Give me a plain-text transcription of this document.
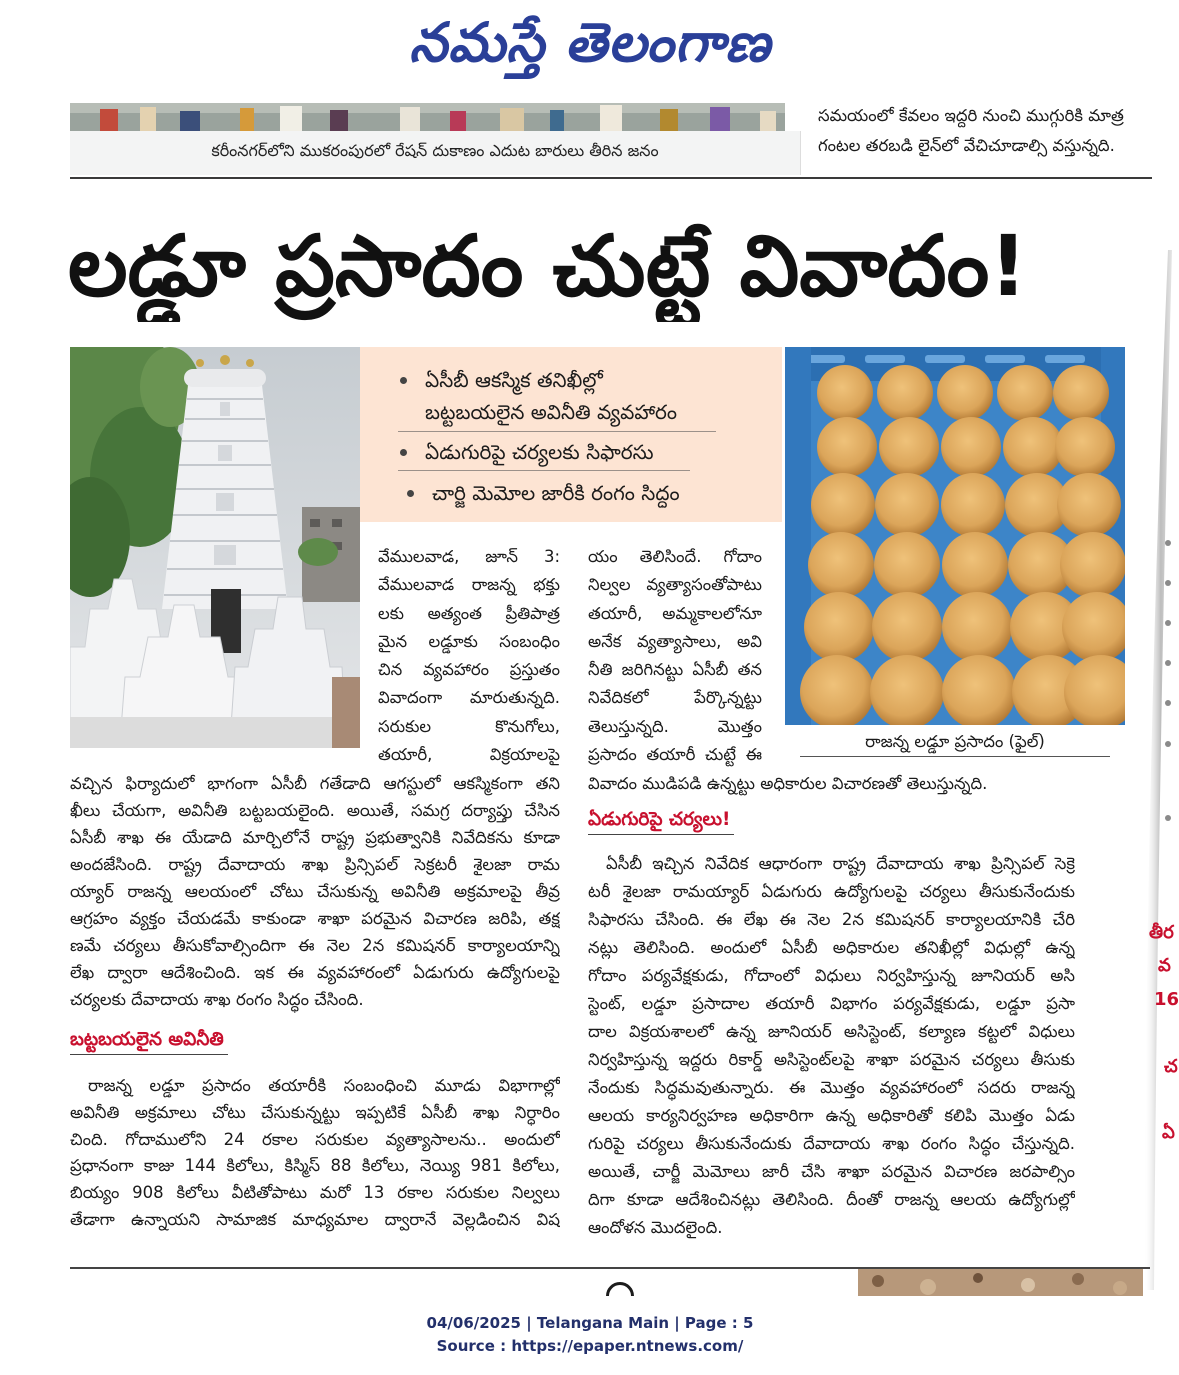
నమస్తే తెలంగాణ
కరీంనగర్‌లోని ముకరంపురలో రేషన్ దుకాణం ఎదుట బారులు తీరిన జనం
సమయంలో కేవలం ఇద్దరి నుంచి ముగ్గురికి మాత్ర
గంటల తరబడి లైన్‌లో వేచిచూడాల్సి వస్తున్నది.
లడ్డూ ప్రసాదం చుట్టే వివాదం!
ఏసీబీ ఆకస్మిక తనిఖీల్లో
బట్టబయలైన అవినీతి వ్యవహారం
ఏడుగురిపై చర్యలకు సిఫారసు
చార్జి మెమోల జారీకి రంగం సిద్ధం
రాజన్న లడ్డూ ప్రసాదం (ఫైల్)
వేములవాడ, జూన్ 3:
వేములవాడ రాజన్న భక్తు
లకు అత్యంత ప్రీతిపాత్ర
మైన లడ్డూకు సంబంధిం
చిన వ్యవహారం ప్రస్తుతం
వివాదంగా మారుతున్నది.
సరుకుల కొనుగోలు,
తయారీ, విక్రయాలపై
యం తెలిసిందే. గోదాం
నిల్వల వ్యత్యాసంతోపాటు
తయారీ, అమ్మకాలలోనూ
అనేక వ్యత్యాసాలు, అవి
నీతి జరిగినట్టు ఏసీబీ తన
నివేదికలో పేర్కొన్నట్టు
తెలుస్తున్నది. మొత్తం
ప్రసాదం తయారీ చుట్టే ఈ
వివాదం ముడిపడి ఉన్నట్టు అధికారుల విచారణతో తెలుస్తున్నది.
వచ్చిన ఫిర్యాదులో భాగంగా ఏసీబీ గతేడాది ఆగస్టులో ఆకస్మికంగా తని
ఖీలు చేయగా, అవినీతి బట్టబయలైంది. అయితే, సమగ్ర దర్యాప్తు చేసిన
ఏసీబీ శాఖ ఈ యేడాది మార్చిలోనే రాష్ట్ర ప్రభుత్వానికి నివేదికను కూడా
అందజేసింది. రాష్ట్ర దేవాదాయ శాఖ ప్రిన్సిపల్ సెక్రటరీ శైలజా రామ
య్యార్ రాజన్న ఆలయంలో చోటు చేసుకున్న అవినీతి అక్రమాలపై తీవ్ర
ఆగ్రహం వ్యక్తం చేయడమే కాకుండా శాఖా పరమైన విచారణ జరిపి, తక్ష
ణమే చర్యలు తీసుకోవాల్సిందిగా ఈ నెల 2న కమిషనర్ కార్యాలయాన్ని
లేఖ ద్వారా ఆదేశించింది. ఇక ఈ వ్యవహారంలో ఏడుగురు ఉద్యోగులపై
చర్యలకు దేవాదాయ శాఖ రంగం సిద్ధం చేసింది.
బట్టబయలైన అవినీతి
రాజన్న లడ్డూ ప్రసాదం తయారీకి సంబంధించి మూడు విభాగాల్లో
అవినీతి అక్రమాలు చోటు చేసుకున్నట్టు ఇప్పటికే ఏసీబీ శాఖ నిర్ధారిం
చింది. గోదాములోని 24 రకాల సరుకుల వ్యత్యాసాలను.. అందులో
ప్రధానంగా కాజు 144 కిలోలు, కిస్మిస్ 88 కిలోలు, నెయ్యి 981 కిలోలు,
బియ్యం 908 కిలోలు వీటితోపాటు మరో 13 రకాల సరుకుల నిల్వలు
తేడాగా ఉన్నాయని సామాజిక మాధ్యమాల ద్వారానే వెల్లడించిన విష
ఏడుగురిపై చర్యలు!
ఏసీబీ ఇచ్చిన నివేదిక ఆధారంగా రాష్ట్ర దేవాదాయ శాఖ ప్రిన్సిపల్ సెక్రె
టరీ శైలజా రామయ్యార్ ఏడుగురు ఉద్యోగులపై చర్యలు తీసుకునేందుకు
సిఫారసు చేసింది. ఈ లేఖ ఈ నెల 2న కమిషనర్ కార్యాలయానికి చేరి
నట్లు తెలిసింది. అందులో ఏసీబీ అధికారుల తనిఖీల్లో విధుల్లో ఉన్న
గోదాం పర్యవేక్షకుడు, గోదాంలో విధులు నిర్వహిస్తున్న జూనియర్ అసి
స్టెంట్, లడ్డూ ప్రసాదాల తయారీ విభాగం పర్యవేక్షకుడు, లడ్డూ ప్రసా
దాల విక్రయశాలలో ఉన్న జూనియర్ అసిస్టెంట్, కల్యాణ కట్టలో విధులు
నిర్వహిస్తున్న ఇద్దరు రికార్డ్ అసిస్టెంట్‌లపై శాఖా పరమైన చర్యలు తీసుకు
నేందుకు సిద్ధమవుతున్నారు. ఈ మొత్తం వ్యవహారంలో సదరు రాజన్న
ఆలయ కార్యనిర్వహణ అధికారిగా ఉన్న అధికారితో కలిపి మొత్తం ఏడు
గురిపై చర్యలు తీసుకునేందుకు దేవాదాయ శాఖ రంగం సిద్ధం చేస్తున్నది.
అయితే, చార్జీ మెమోలు జారీ చేసి శాఖా పరమైన విచారణ జరపాల్సిం
దిగా కూడా ఆదేశించినట్లు తెలిసింది. దీంతో రాజన్న ఆలయ ఉద్యోగుల్లో
ఆందోళన మొదలైంది.
తీర
వ
16
చ
ఏ
04/06/2025 | Telangana Main | Page : 5
Source : https://epaper.ntnews.com/
